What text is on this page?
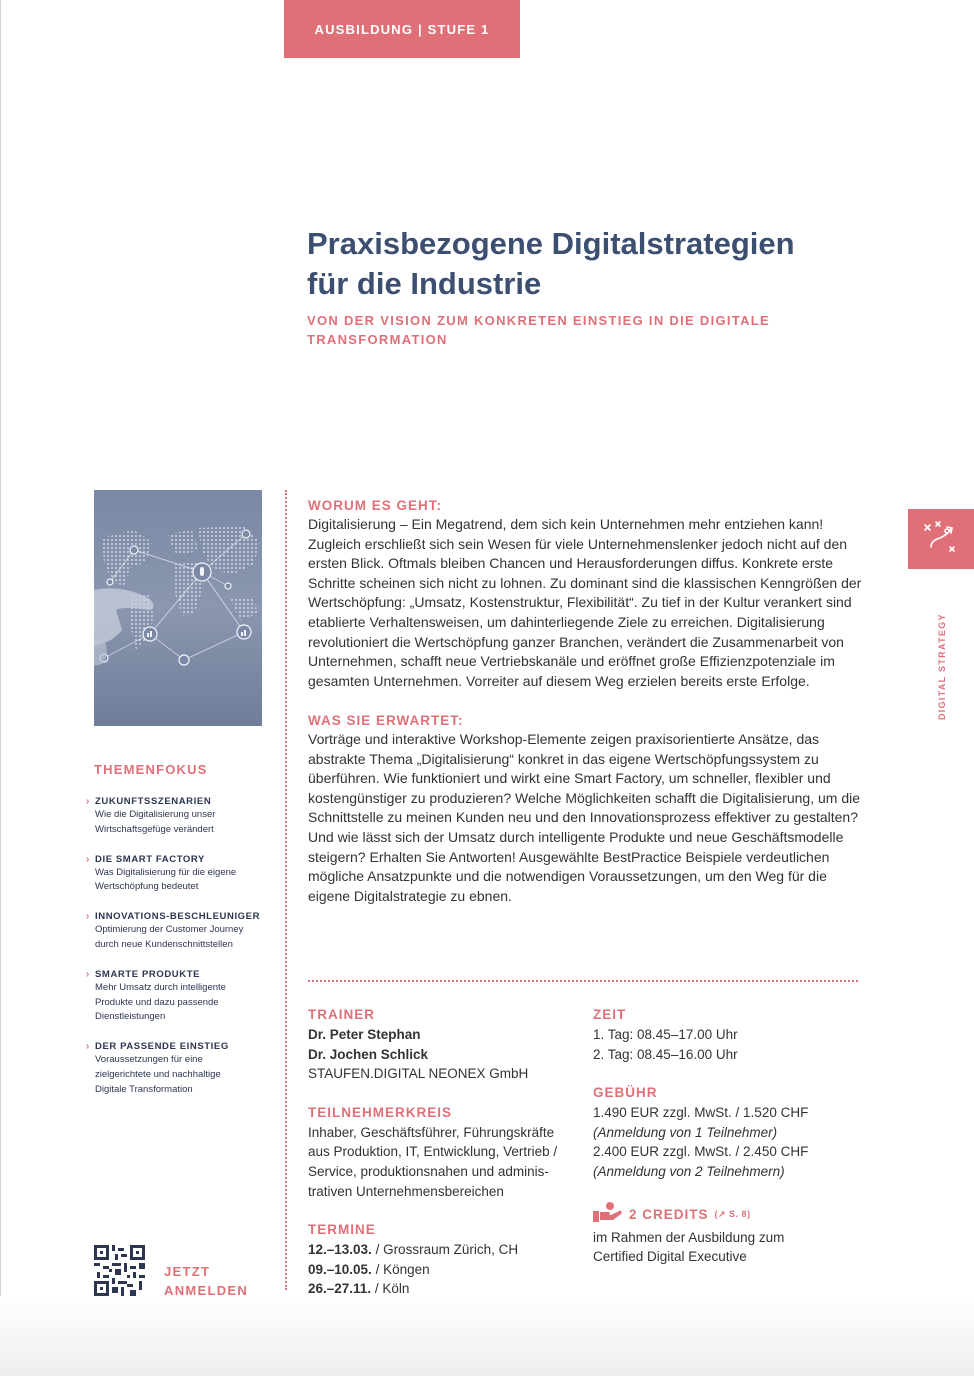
AUSBILDUNG | STUFE 1
Praxisbezogene Digitalstrategien
für die Industrie
VON DER VISION ZUM KONKRETEN EINSTIEG IN DIE DIGITALE
TRANSFORMATION
WORUM ES GEHT:

Digitalisierung – Ein Megatrend, dem sich kein Unternehmen mehr entziehen kann! Zugleich erschließt sich sein Wesen für viele Unternehmenslenker jedoch nicht auf den ersten Blick. Oftmals bleiben Chancen und Herausforderungen diffus. Konkrete erste Schritte scheinen sich nicht zu lohnen. Zu dominant sind die klassischen Kenngrößen der Wertschöpfung: „Umsatz, Kostenstruktur, Flexibilität“. Zu tief in der Kultur verankert sind etablierte Verhaltensweisen, um dahinterliegende Ziele zu erreichen. Digitalisierung revolutioniert die Wertschöpfung ganzer Branchen, verändert die Zusammenarbeit von Unternehmen, schafft neue Vertriebskanäle und eröffnet große Effizienzpotenziale im gesamten Unternehmen. Vorreiter auf diesem Weg erzielen bereits erste Erfolge.

WAS SIE ERWARTET:

Vorträge und interaktive Workshop-Elemente zeigen praxisorientierte Ansätze, das abstrakte Thema „Digitalisierung“ konkret in das eigene Wertschöpfungssystem zu überführen. Wie funktioniert und wirkt eine Smart Factory, um schneller, flexibler und kostengünstiger zu produzieren? Welche Möglichkeiten schafft die Digitalisierung, um die Schnittstelle zu meinen Kunden neu und den Innovationsprozess effektiver zu gestalten? Und wie lässt sich der Umsatz durch intelligente Produkte und neue Geschäftsmodelle steigern? Erhalten Sie Antworten! Ausgewählte BestPractice Beispiele verdeutlichen mögliche Ansatzpunkte und die notwendigen Voraussetzungen, um den Weg für die eigene Digitalstrategie zu ebnen.

THEMENFOKUS
› ZUKUNFTSSZENARIEN
Wie die Digitalisierung unser
Wirtschaftsgefüge verändert
› DIE SMART FACTORY
Was Digitalisierung für die eigene
Wertschöpfung bedeutet
› INNOVATIONS-BESCHLEUNIGER
Optimierung der Customer Journey
durch neue Kundenschnittstellen
› SMARTE PRODUKTE
Mehr Umsatz durch intelligente
Produkte und dazu passende
Dienstleistungen
› DER PASSENDE EINSTIEG
Voraussetzungen für eine
zielgerichtete und nachhaltige
Digitale Transformation
TRAINER
Dr. Peter Stephan
Dr. Jochen Schlick
STAUFEN.DIGITAL NEONEX GmbH
TEILNEHMERKREIS
Inhaber, Geschäftsführer, Führungskräfte
aus Produktion, IT, Entwicklung, Vertrieb /
Service, produktionsnahen und adminis-
trativen Unternehmensbereichen
TERMINE
12.–13.03. / Grossraum Zürich, CH
09.–10.05. / Köngen
26.–27.11. / Köln
ZEIT
1. Tag: 08.45–17.00 Uhr
2. Tag: 08.45–16.00 Uhr
GEBÜHR
1.490 EUR zzgl. MwSt. / 1.520 CHF
(Anmeldung von 1 Teilnehmer)
2.400 EUR zzgl. MwSt. / 2.450 CHF
(Anmeldung von 2 Teilnehmern)
2 CREDITS (↗ S. 8)
im Rahmen der Ausbildung zum
Certified Digital Executive
JETZT
ANMELDEN
DIGITAL STRATEGY
